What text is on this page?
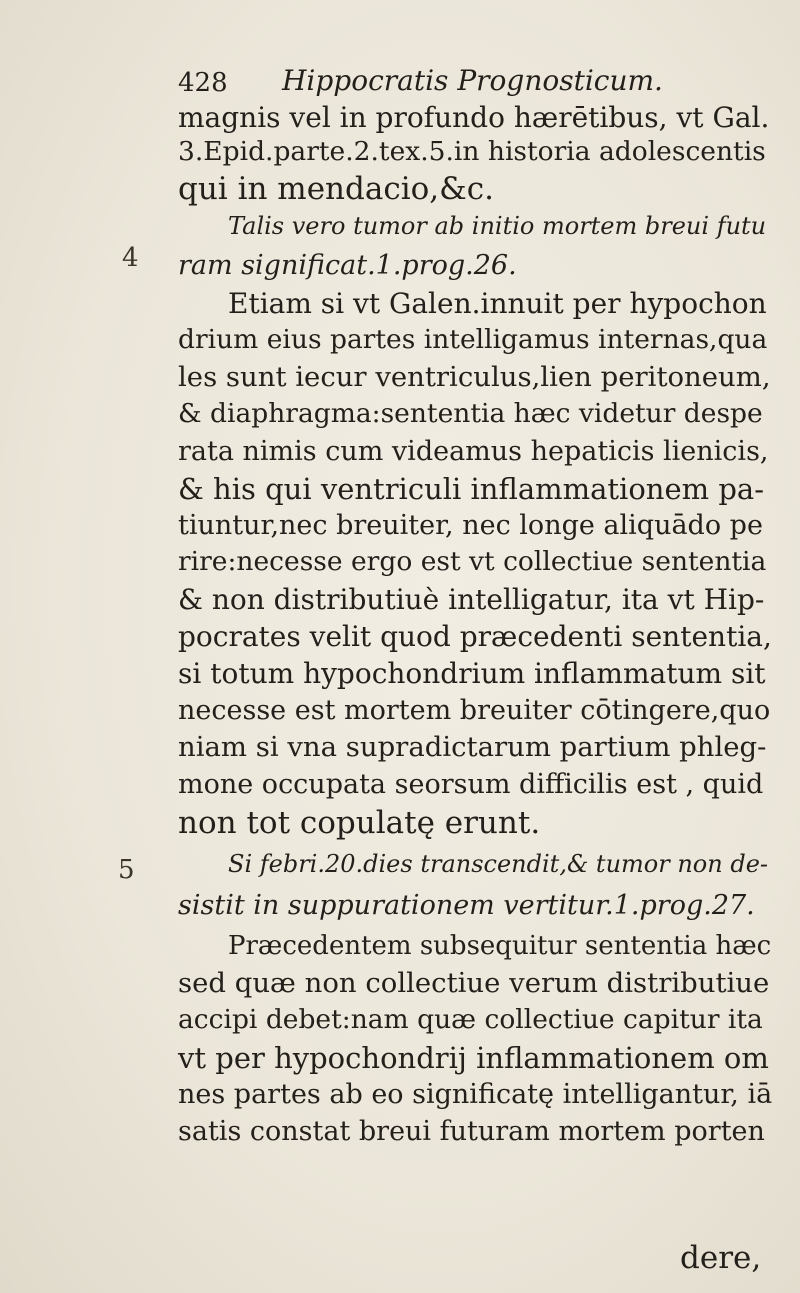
428 Hippocratis Prognosticum.
4
5
magnis vel in profundo hærētibus, vt Gal.
3.Epid.parte.2.tex.5.in historia adolescentis
qui in mendacio,&c.
Talis vero tumor ab initio mortem breui futu
ram significat.1.prog.26.
Etiam si vt Galen.innuit per hypochon
drium eius partes intelligamus internas,qua
les sunt iecur ventriculus,lien peritoneum,
& diaphragma:sententia hæc videtur despe
rata nimis cum videamus hepaticis lienicis,
& his qui ventriculi inflammationem pa-
tiuntur,nec breuiter, nec longe aliquādo pe
rire:necesse ergo est vt collectiue sententia
& non distributiuè intelligatur, ita vt Hip-
pocrates velit quod præcedenti sententia,
si totum hypochondrium inflammatum sit
necesse est mortem breuiter cōtingere,quo
niam si vna supradictarum partium phleg-
mone occupata seorsum difficilis est , quid
non tot copulatę erunt.
Si febri.20.dies transcendit,& tumor non de-
sistit in suppurationem vertitur.1.prog.27.
Præcedentem subsequitur sententia hæc
sed quæ non collectiue verum distributiue
accipi debet:nam quæ collectiue capitur ita
vt per hypochondrij inflammationem om
nes partes ab eo significatę intelligantur, iā
satis constat breui futuram mortem porten
dere,
